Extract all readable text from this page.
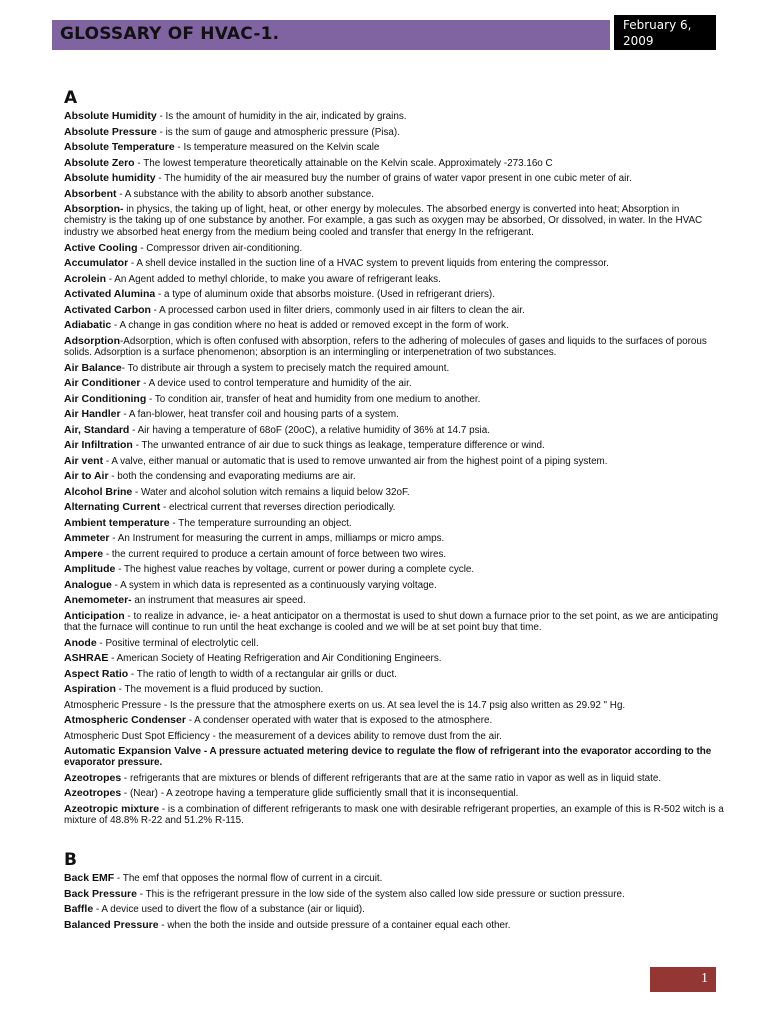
GLOSSARY OF HVAC-1.	February 6,
2009
A
Absolute Humidity - Is the amount of humidity in the air, indicated by grains.
Absolute Pressure - is the sum of gauge and atmospheric pressure (Pisa).
Absolute Temperature - Is temperature measured on the Kelvin scale
Absolute Zero - The lowest temperature theoretically attainable on the Kelvin scale. Approximately -273.16o C
Absolute humidity - The humidity of the air measured buy the number of grains of water vapor present in one cubic meter of air.
Absorbent - A substance with the ability to absorb another substance.
Absorption- in physics, the taking up of light, heat, or other energy by molecules. The absorbed energy is converted into heat; Absorption in chemistry is the taking up of one substance by another. For example, a gas such as oxygen may be absorbed, Or dissolved, in water. In the HVAC industry we absorbed heat energy from the medium being cooled and transfer that energy In the refrigerant.
Active Cooling - Compressor driven air-conditioning.
Accumulator - A shell device installed in the suction line of a HVAC system to prevent liquids from entering the compressor.
Acrolein - An Agent added to methyl chloride, to make you aware of refrigerant leaks.
Activated Alumina - a type of aluminum oxide that absorbs moisture. (Used in refrigerant driers).
Activated Carbon - A processed carbon used in filter driers, commonly used in air filters to clean the air.
Adiabatic - A change in gas condition where no heat is added or removed except in the form of work.
Adsorption-Adsorption, which is often confused with absorption, refers to the adhering of molecules of gases and liquids to the surfaces of porous solids. Adsorption is a surface phenomenon; absorption is an intermingling or interpenetration of two substances.
Air Balance- To distribute air through a system to precisely match the required amount.
Air Conditioner - A device used to control temperature and humidity of the air.
Air Conditioning - To condition air, transfer of heat and humidity from one medium to another.
Air Handler - A fan-blower, heat transfer coil and housing parts of a system.
Air, Standard - Air having a temperature of 68oF (20oC), a relative humidity of 36% at 14.7 psia.
Air Infiltration - The unwanted entrance of air due to suck things as leakage, temperature difference or wind.
Air vent - A valve, either manual or automatic that is used to remove unwanted air from the highest point of a piping system.
Air to Air - both the condensing and evaporating mediums are air.
Alcohol Brine - Water and alcohol solution witch remains a liquid below 32oF.
Alternating Current - electrical current that reverses direction periodically.
Ambient temperature - The temperature surrounding an object.
Ammeter - An Instrument for measuring the current in amps, milliamps or micro amps.
Ampere - the current required to produce a certain amount of force between two wires.
Amplitude - The highest value reaches by voltage, current or power during a complete cycle.
Analogue - A system in which data is represented as a continuously varying voltage.
Anemometer- an instrument that measures air speed.
Anticipation - to realize in advance, ie- a heat anticipator on a thermostat is used to shut down a furnace prior to the set point, as we are anticipating that the furnace will continue to run until the heat exchange is cooled and we will be at set point buy that time.
Anode - Positive terminal of electrolytic cell.
ASHRAE - American Society of Heating Refrigeration and Air Conditioning Engineers.
Aspect Ratio - The ratio of length to width of a rectangular air grills or duct.
Aspiration - The movement is a fluid produced by suction.
Atmospheric Pressure - Is the pressure that the atmosphere exerts on us. At sea level the is 14.7 psig also written as 29.92 " Hg.
Atmospheric Condenser - A condenser operated with water that is exposed to the atmosphere.
Atmospheric Dust Spot Efficiency - the measurement of a devices ability to remove dust from the air.
Automatic Expansion Valve - A pressure actuated metering device to regulate the flow of refrigerant into the evaporator according to the evaporator pressure.
Azeotropes - refrigerants that are mixtures or blends of different refrigerants that are at the same ratio in vapor as well as in liquid state.
Azeotropes - (Near) - A zeotrope having a temperature glide sufficiently small that it is inconsequential.
Azeotropic mixture - is a combination of different refrigerants to mask one with desirable refrigerant properties, an example of this is R-502 witch is a mixture of 48.8% R-22 and 51.2% R-115.
B
Back EMF - The emf that opposes the normal flow of current in a circuit.
Back Pressure - This is the refrigerant pressure in the low side of the system also called low side pressure or suction pressure.
Baffle - A device used to divert the flow of a substance (air or liquid).
Balanced Pressure - when the both the inside and outside pressure of a container equal each other.
1
